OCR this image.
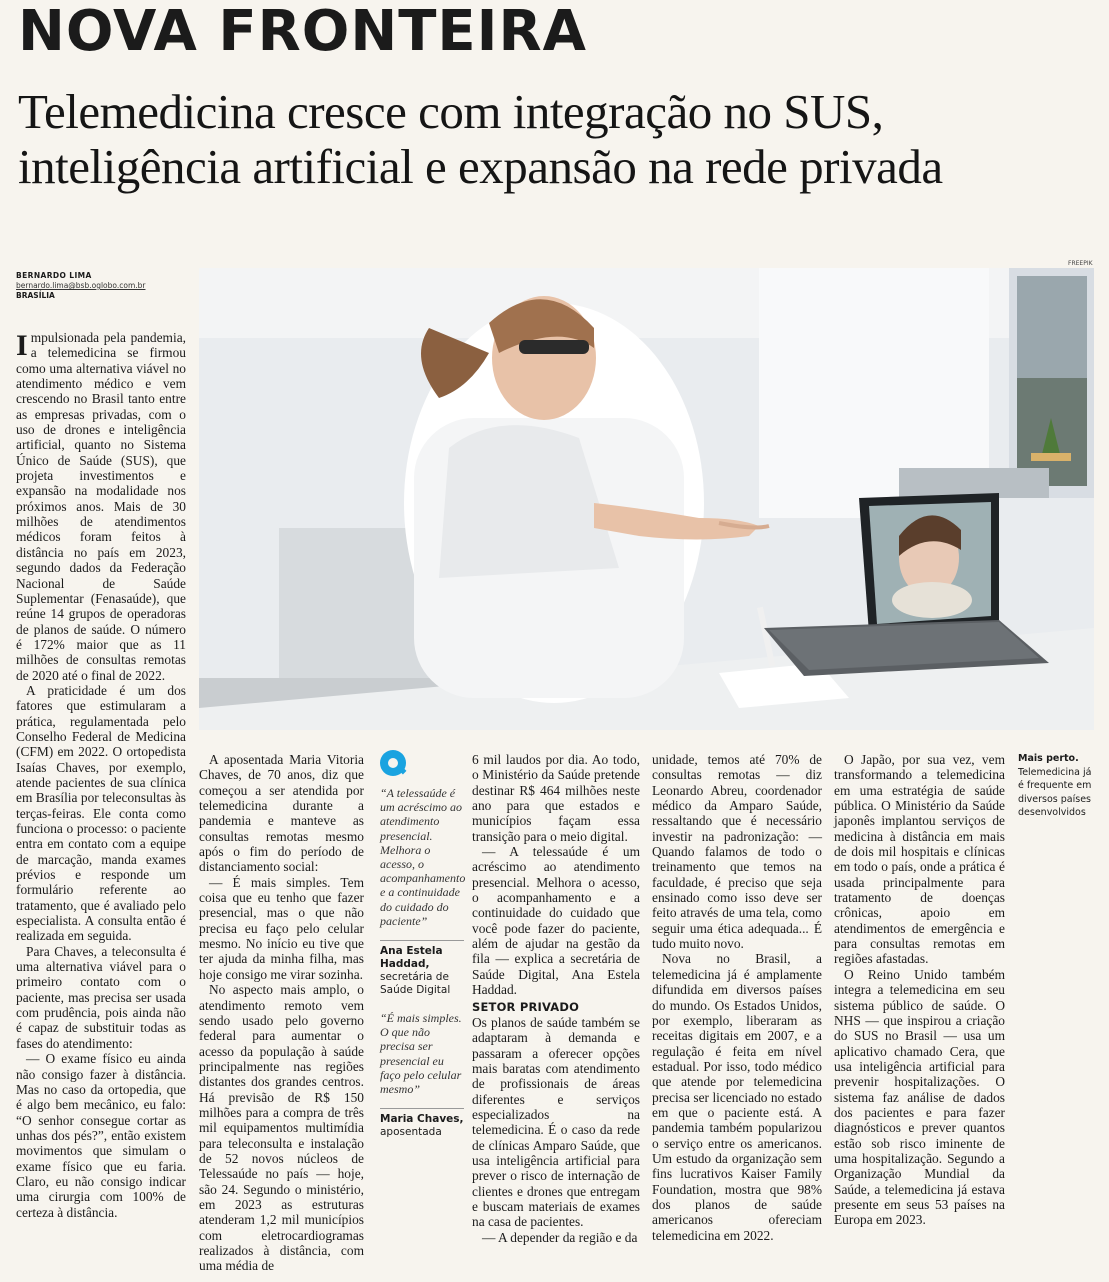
NOVA FRONTEIRA
Telemedicina cresce com integração no SUS, inteligência artificial e expansão na rede privada
BERNARDO LIMA
bernardo.lima@bsb.oglobo.com.br
BRASÍLIA
FREEPIK

Impulsionada pela pandemia, a telemedicina se firmou como uma alternativa viável no atendimento médico e vem crescendo no Brasil tanto entre as empresas privadas, com o uso de drones e inteligência artificial, quanto no Sistema Único de Saúde (SUS), que projeta investimentos e expansão na modalidade nos próximos anos. Mais de 30 milhões de atendimentos médicos foram feitos à distância no país em 2023, segundo dados da Federação Nacional de Saúde Suplementar (Fenasaúde), que reúne 14 grupos de operadoras de planos de saúde. O número é 172% maior que as 11 milhões de consultas remotas de 2020 até o final de 2022.

A praticidade é um dos fatores que estimularam a prática, regulamentada pelo Conselho Federal de Medicina (CFM) em 2022. O ortopedista Isaías Chaves, por exemplo, atende pacientes de sua clínica em Brasília por teleconsultas às terças-feiras. Ele conta como funciona o processo: o paciente entra em contato com a equipe de marcação, manda exames prévios e responde um formulário referente ao tratamento, que é avaliado pelo especialista. A consulta então é realizada em seguida.

Para Chaves, a teleconsulta é uma alternativa viável para o primeiro contato com o paciente, mas precisa ser usada com prudência, pois ainda não é capaz de substituir todas as fases do atendimento:

— O exame físico eu ainda não consigo fazer à distância. Mas no caso da ortopedia, que é algo bem mecânico, eu falo: “O senhor consegue cortar as unhas dos pés?”, então existem movimentos que simulam o exame físico que eu faria. Claro, eu não consigo indicar uma cirurgia com 100% de certeza à distância.

A aposentada Maria Vitoria Chaves, de 70 anos, diz que começou a ser atendida por telemedicina durante a pandemia e manteve as consultas remotas mesmo após o fim do período de distanciamento social:

— É mais simples. Tem coisa que eu tenho que fazer presencial, mas o que não precisa eu faço pelo celular mesmo. No início eu tive que ter ajuda da minha filha, mas hoje consigo me virar sozinha.

No aspecto mais amplo, o atendimento remoto vem sendo usado pelo governo federal para aumentar o acesso da população à saúde principalmente nas regiões distantes dos grandes centros. Há previsão de R$ 150 milhões para a compra de três mil equipamentos multimídia para teleconsulta e instalação de 52 novos núcleos de Telessaúde no país — hoje, são 24. Segundo o ministério, em 2023 as estruturas atenderam 1,2 mil municípios com eletrocardiogramas realizados à distância, com uma média de

“A telessaúde é um acréscimo ao atendimento presencial. Melhora o acesso, o acompanhamento e a continuidade do cuidado do paciente”
Ana Estela Haddad,
secretária de Saúde Digital
“É mais simples. O que não precisa ser presencial eu faço pelo celular mesmo”
Maria Chaves,
aposentada

6 mil laudos por dia. Ao todo, o Ministério da Saúde pretende destinar R$ 464 milhões neste ano para que estados e municípios façam essa transição para o meio digital.

— A telessaúde é um acréscimo ao atendimento presencial. Melhora o acesso, o acompanhamento e a continuidade do cuidado que você pode fazer do paciente, além de ajudar na gestão da fila — explica a secretária de Saúde Digital, Ana Estela Haddad.

SETOR PRIVADO

Os planos de saúde também se adaptaram à demanda e passaram a oferecer opções mais baratas com atendimento de profissionais de áreas diferentes e serviços especializados na telemedicina. É o caso da rede de clínicas Amparo Saúde, que usa inteligência artificial para prever o risco de internação de clientes e drones que entregam e buscam materiais de exames na casa de pacientes.

— A depender da região e da

unidade, temos até 70% de consultas remotas — diz Leonardo Abreu, coordenador médico da Amparo Saúde, ressaltando que é necessário investir na padronização: — Quando falamos de todo o treinamento que temos na faculdade, é preciso que seja ensinado como isso deve ser feito através de uma tela, como seguir uma ética adequada... É tudo muito novo.

Nova no Brasil, a telemedicina já é amplamente difundida em diversos países do mundo. Os Estados Unidos, por exemplo, liberaram as receitas digitais em 2007, e a regulação é feita em nível estadual. Por isso, todo médico que atende por telemedicina precisa ser licenciado no estado em que o paciente está. A pandemia também popularizou o serviço entre os americanos. Um estudo da organização sem fins lucrativos Kaiser Family Foundation, mostra que 98% dos planos de saúde americanos ofereciam telemedicina em 2022.

O Japão, por sua vez, vem transformando a telemedicina em uma estratégia de saúde pública. O Ministério da Saúde japonês implantou serviços de medicina à distância em mais de dois mil hospitais e clínicas em todo o país, onde a prática é usada principalmente para tratamento de doenças crônicas, apoio em atendimentos de emergência e para consultas remotas em regiões afastadas.

O Reino Unido também integra a telemedicina em seu sistema público de saúde. O NHS — que inspirou a criação do SUS no Brasil — usa um aplicativo chamado Cera, que usa inteligência artificial para prevenir hospitalizações. O sistema faz análise de dados dos pacientes e para fazer diagnósticos e prever quantos estão sob risco iminente de uma hospitalização. Segundo a Organização Mundial da Saúde, a telemedicina já estava presente em seus 53 países na Europa em 2023.

Mais perto.
Telemedicina já é frequente em diversos países desenvolvidos
